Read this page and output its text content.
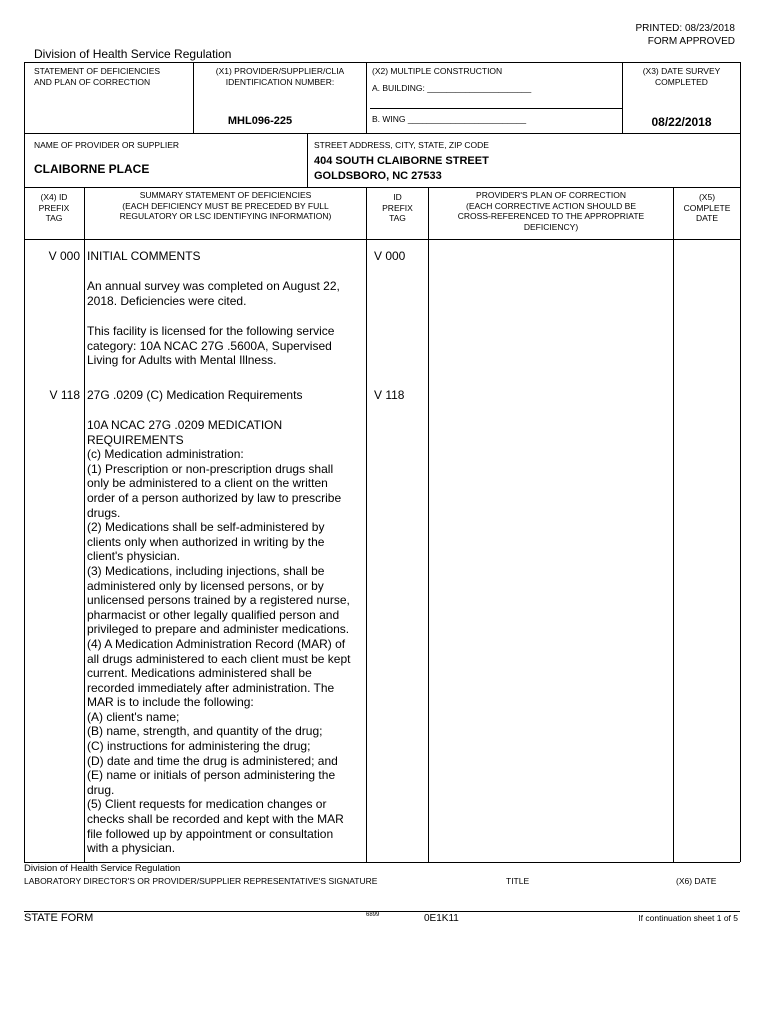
PRINTED: 08/23/2018
FORM APPROVED
Division of Health Service Regulation
STATEMENT OF DEFICIENCIES
AND PLAN OF CORRECTION
(X1) PROVIDER/SUPPLIER/CLIA
IDENTIFICATION NUMBER:
MHL096-225
(X2) MULTIPLE CONSTRUCTION
A. BUILDING: ______________________
B. WING _________________________
(X3) DATE SURVEY
COMPLETED
08/22/2018
NAME OF PROVIDER OR SUPPLIER
CLAIBORNE PLACE
STREET ADDRESS, CITY, STATE, ZIP CODE
404 SOUTH CLAIBORNE STREET
GOLDSBORO, NC 27533
(X4) ID
PREFIX
TAG
SUMMARY STATEMENT OF DEFICIENCIES
(EACH DEFICIENCY MUST BE PRECEDED BY FULL
REGULATORY OR LSC IDENTIFYING INFORMATION)
ID
PREFIX
TAG
PROVIDER'S PLAN OF CORRECTION
(EACH CORRECTIVE ACTION SHOULD BE
CROSS-REFERENCED TO THE APPROPRIATE
DEFICIENCY)
(X5)
COMPLETE
DATE
V 000 INITIAL COMMENTS	V 000
An annual survey was completed on August 22,
2018. Deficiencies were cited.
This facility is licensed for the following service
category: 10A NCAC 27G .5600A, Supervised
Living for Adults with Mental Illness.
V 118 27G .0209 (C) Medication Requirements	V 118
10A NCAC 27G .0209 MEDICATION
REQUIREMENTS
(c) Medication administration:
(1) Prescription or non-prescription drugs shall
only be administered to a client on the written
order of a person authorized by law to prescribe
drugs.
(2) Medications shall be self-administered by
clients only when authorized in writing by the
client's physician.
(3) Medications, including injections, shall be
administered only by licensed persons, or by
unlicensed persons trained by a registered nurse,
pharmacist or other legally qualified person and
privileged to prepare and administer medications.
(4) A Medication Administration Record (MAR) of
all drugs administered to each client must be kept
current. Medications administered shall be
recorded immediately after administration. The
MAR is to include the following:
(A) client's name;
(B) name, strength, and quantity of the drug;
(C) instructions for administering the drug;
(D) date and time the drug is administered; and
(E) name or initials of person administering the
drug.
(5) Client requests for medication changes or
checks shall be recorded and kept with the MAR
file followed up by appointment or consultation
with a physician.
Division of Health Service Regulation
LABORATORY DIRECTOR'S OR PROVIDER/SUPPLIER REPRESENTATIVE'S SIGNATURE	TITLE	(X6) DATE
STATE FORM	6899	0E1K11	If continuation sheet 1 of 5
